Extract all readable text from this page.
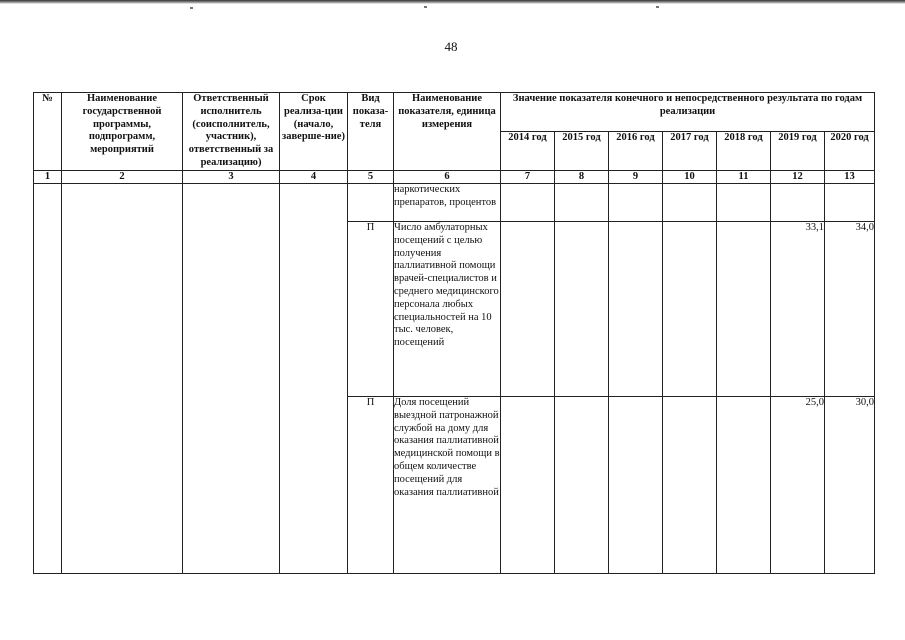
48
№	Наименование государственной программы, подпрограмм, мероприятий	Ответственный исполнитель (соисполнитель, участник), ответственный за реализацию)	Срок реализа-ции (начало, заверше-ние)	Вид показа-теля	Наименование показателя, единица измерения	Значение показателя конечного и непосредственного результата по годам реализации						
						2014 год	2015 год	2016 год	2017 год	2018 год	2019 год	2020 год
1	2	3	4	5	6	7	8	9	10	11	12	13
					наркотических препаратов, процентов							
				П	Число амбулаторных посещений с целью получения паллиативной помощи врачей-специалистов и среднего медицинского персонала любых специальностей на 10 тыс. человек, посещений						33,1	34,0
				П	Доля посещений выездной патронажной службой на дому для оказания паллиативной медицинской помощи в общем количестве посещений для оказания паллиативной						25,0	30,0
